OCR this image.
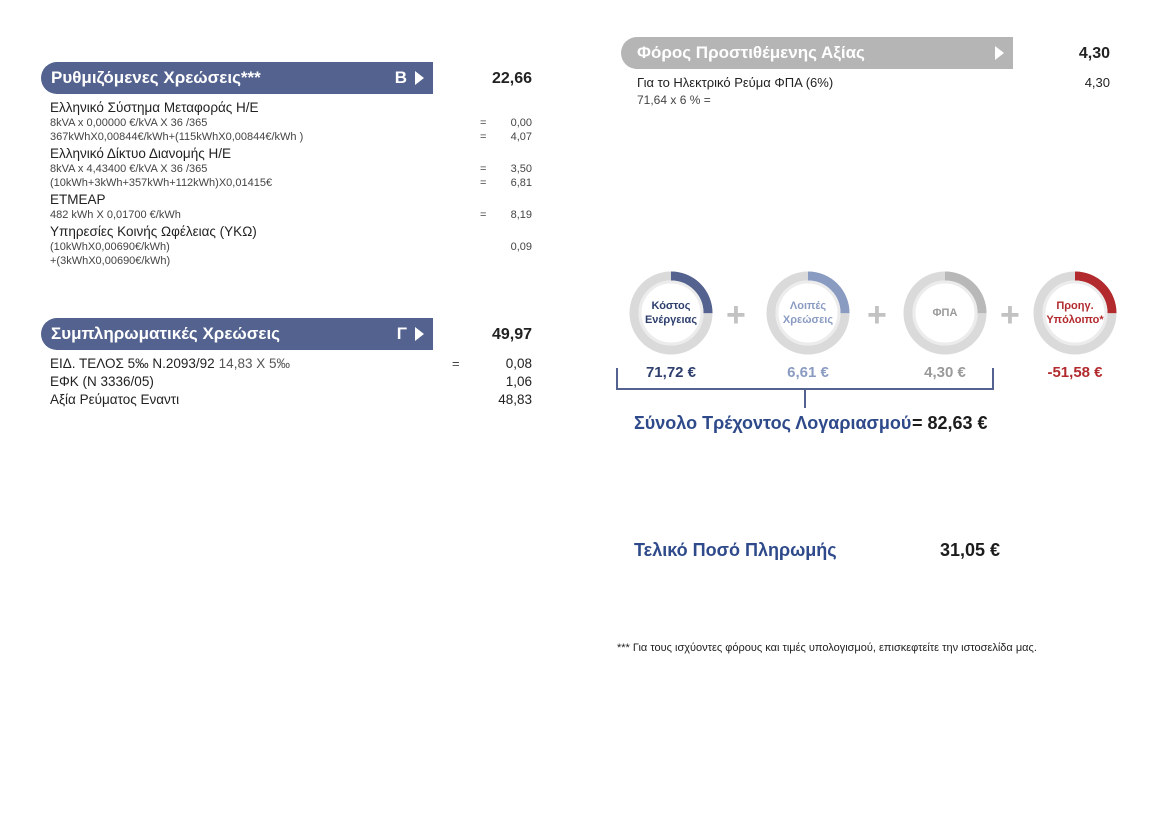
Ρυθμιζόμενες Χρεώσεις***	Β	22,66
Ελληνικό Σύστημα Μεταφοράς Η/Ε
8kVA x 0,00000 €/kVA X 36 /365	=	0,00
367kWhX0,00844€/kWh+(115kWhX0,00844€/kWh )	=	4,07
Ελληνικό Δίκτυο Διανομής Η/Ε
8kVA x 4,43400 €/kVA X 36 /365	=	3,50
(10kWh+3kWh+357kWh+112kWh)X0,01415€	=	6,81
ΕΤΜΕΑΡ
482 kWh X 0,01700 €/kWh	=	8,19
Υπηρεσίες Κοινής Ωφέλειας (ΥΚΩ)
(10kWhX0,00690€/kWh)	0,09
+(3kWhX0,00690€/kWh)
Συμπληρωματικές Χρεώσεις	Γ	49,97
ΕΙΔ. ΤΕΛΟΣ 5‰ Ν.2093/92 14,83 X 5‰	=	0,08
ΕΦΚ (Ν 3336/05)	1,06
Αξία Ρεύματος Εναντι	48,83
Φόρος Προστιθέμενης Αξίας	4,30
Για το Ηλεκτρικό Ρεύμα ΦΠΑ (6%)	4,30
71,64 x 6 % =
Κόστος
Ενέργειας
71,72 €
Λοιπές
Χρεώσεις
6,61 €
ΦΠΑ
4,30 €
Προηγ.
Υπόλοιπο*
-51,58 €
+	+	+
Σύνολο Τρέχοντος Λογαριασμού = 82,63 €
Τελικό Ποσό Πληρωμής	31,05 €
*** Για τους ισχύοντες φόρους και τιμές υπολογισμού, επισκεφτείτε την ιστοσελίδα μας.
